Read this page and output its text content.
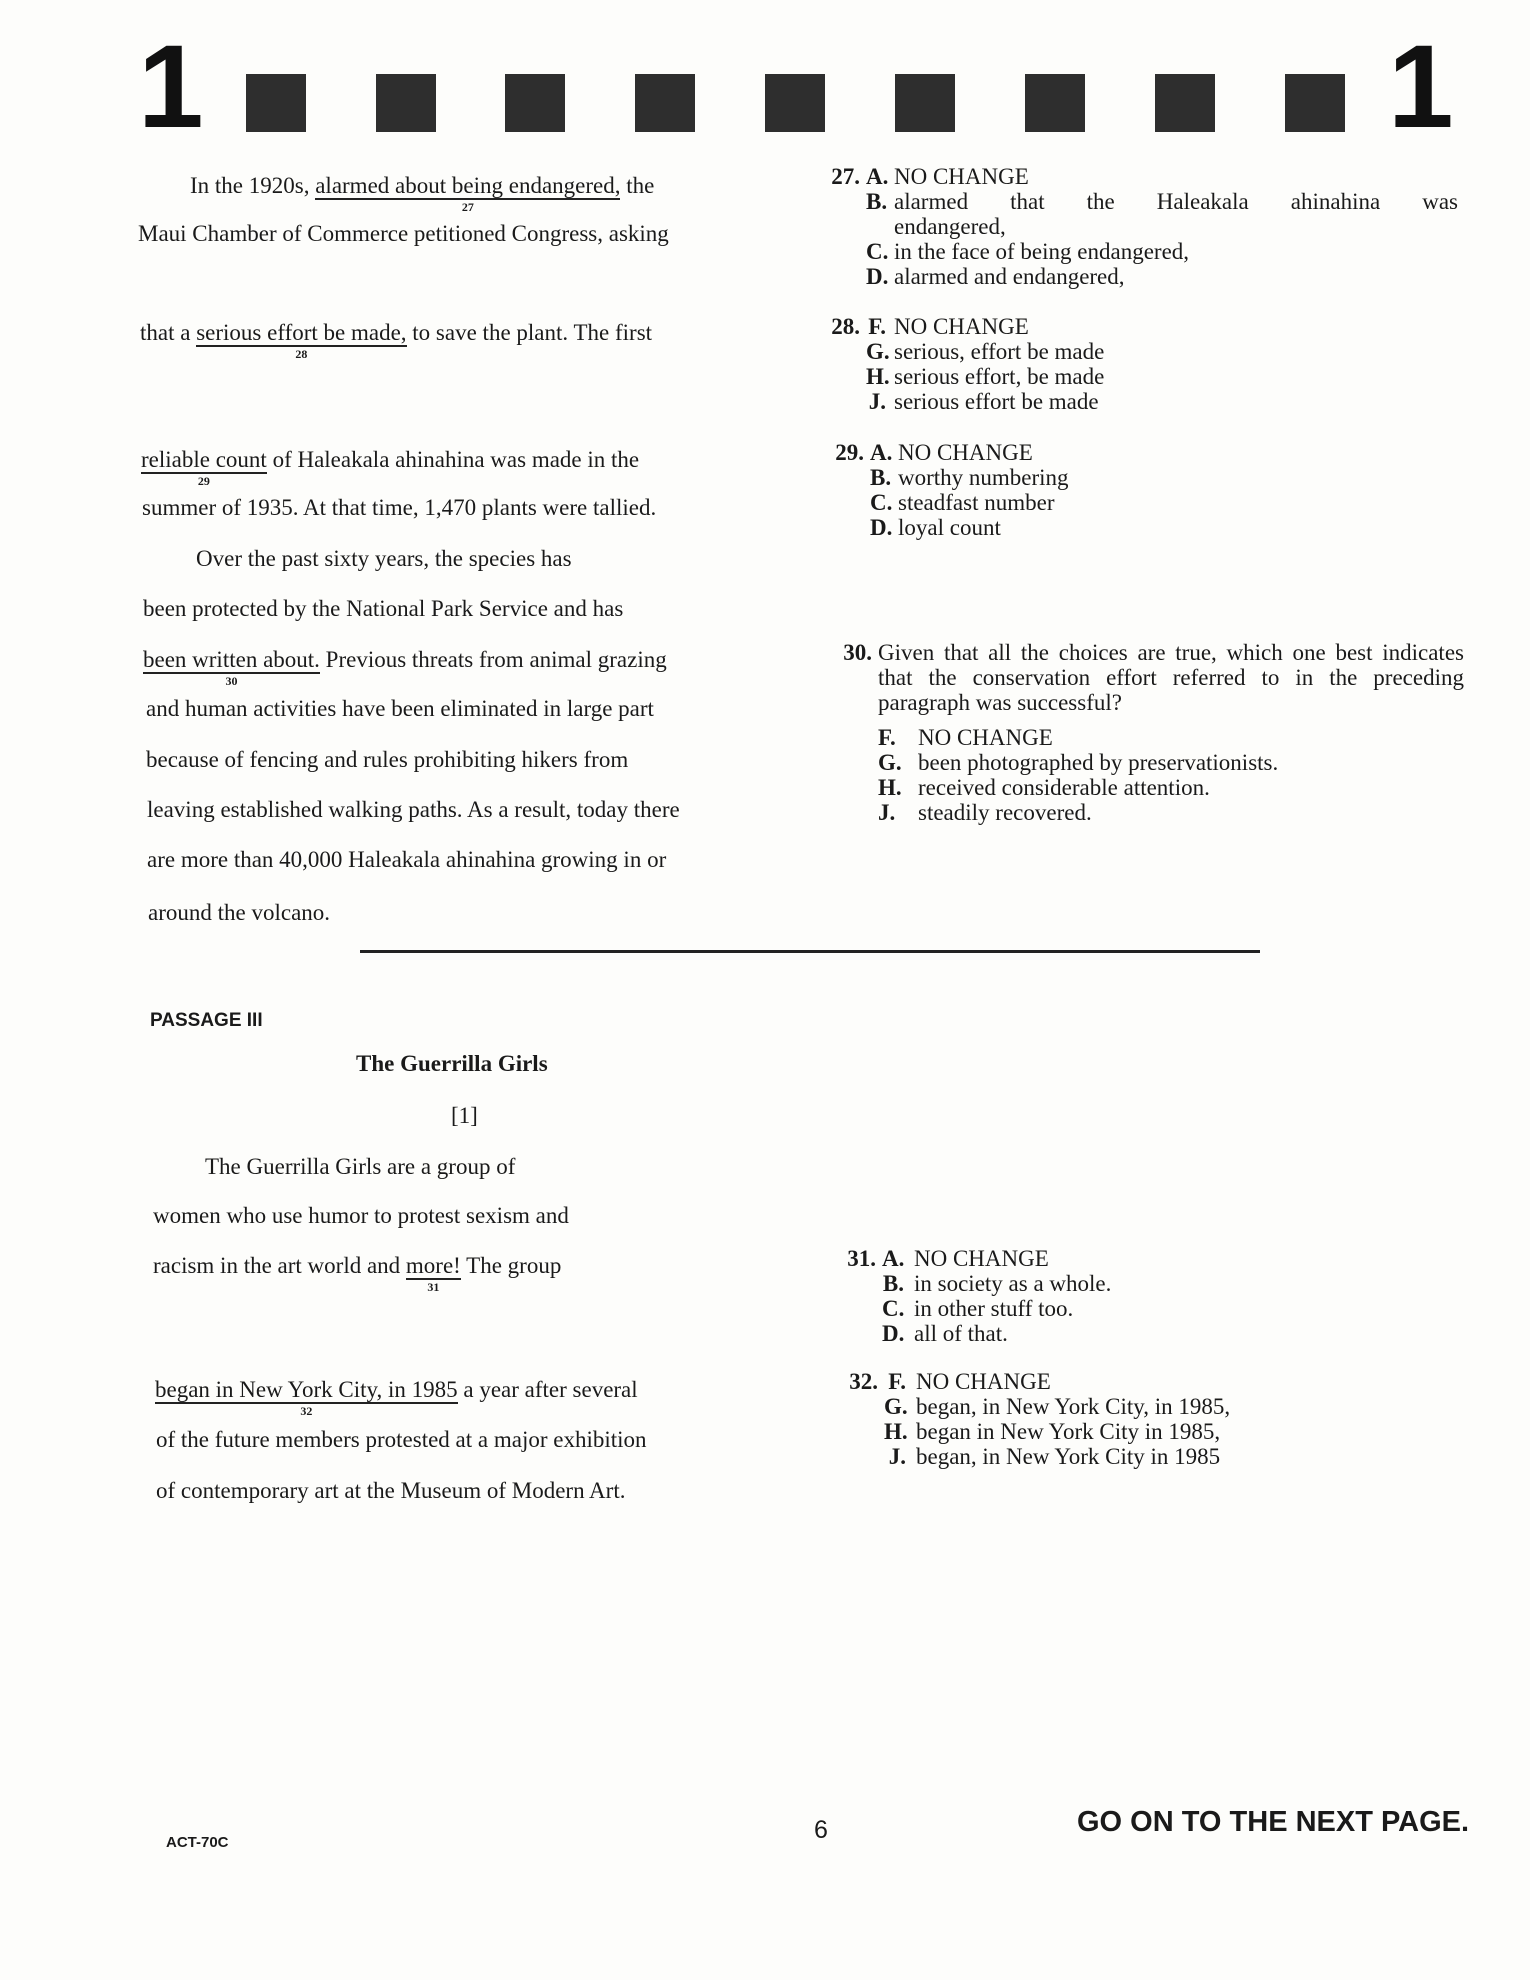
1	1
In the 1920s, alarmed about being endangered,
27
the
Maui Chamber of Commerce petitioned Congress, asking
that a serious effort be made,
28
to save the plant. The first
reliable count
29
of Haleakala ahinahina was made in the
summer of 1935. At that time, 1,470 plants were tallied.
Over the past sixty years, the species has
been protected by the National Park Service and has
been written about.
30
Previous threats from animal grazing
and human activities have been eliminated in large part
because of fencing and rules prohibiting hikers from
leaving established walking paths. As a result, today there
are more than 40,000 Haleakala ahinahina growing in or
around the volcano.
27. A. NO CHANGE
B. alarmed that the Haleakala ahinahina was
endangered,
C. in the face of being endangered,
D. alarmed and endangered,
28. F. NO CHANGE
G. serious, effort be made
H. serious effort, be made
J. serious effort be made
29. A. NO CHANGE
B. worthy numbering
C. steadfast number
D. loyal count
30. Given that all the choices are true, which one best indicates that the conservation effort referred to in the preceding paragraph was successful?
F. NO CHANGE
G. been photographed by preservationists.
H. received considerable attention.
J. steadily recovered.
PASSAGE III
The Guerrilla Girls
[1]
The Guerrilla Girls are a group of
women who use humor to protest sexism and
racism in the art world and more!
31
The group
began in New York City, in 1985
32
a year after several
of the future members protested at a major exhibition
of contemporary art at the Museum of Modern Art.
31. A. NO CHANGE
B. in society as a whole.
C. in other stuff too.
D. all of that.
32. F. NO CHANGE
G. began, in New York City, in 1985,
H. began in New York City in 1985,
J. began, in New York City in 1985
ACT-70C	6	GO ON TO THE NEXT PAGE.
